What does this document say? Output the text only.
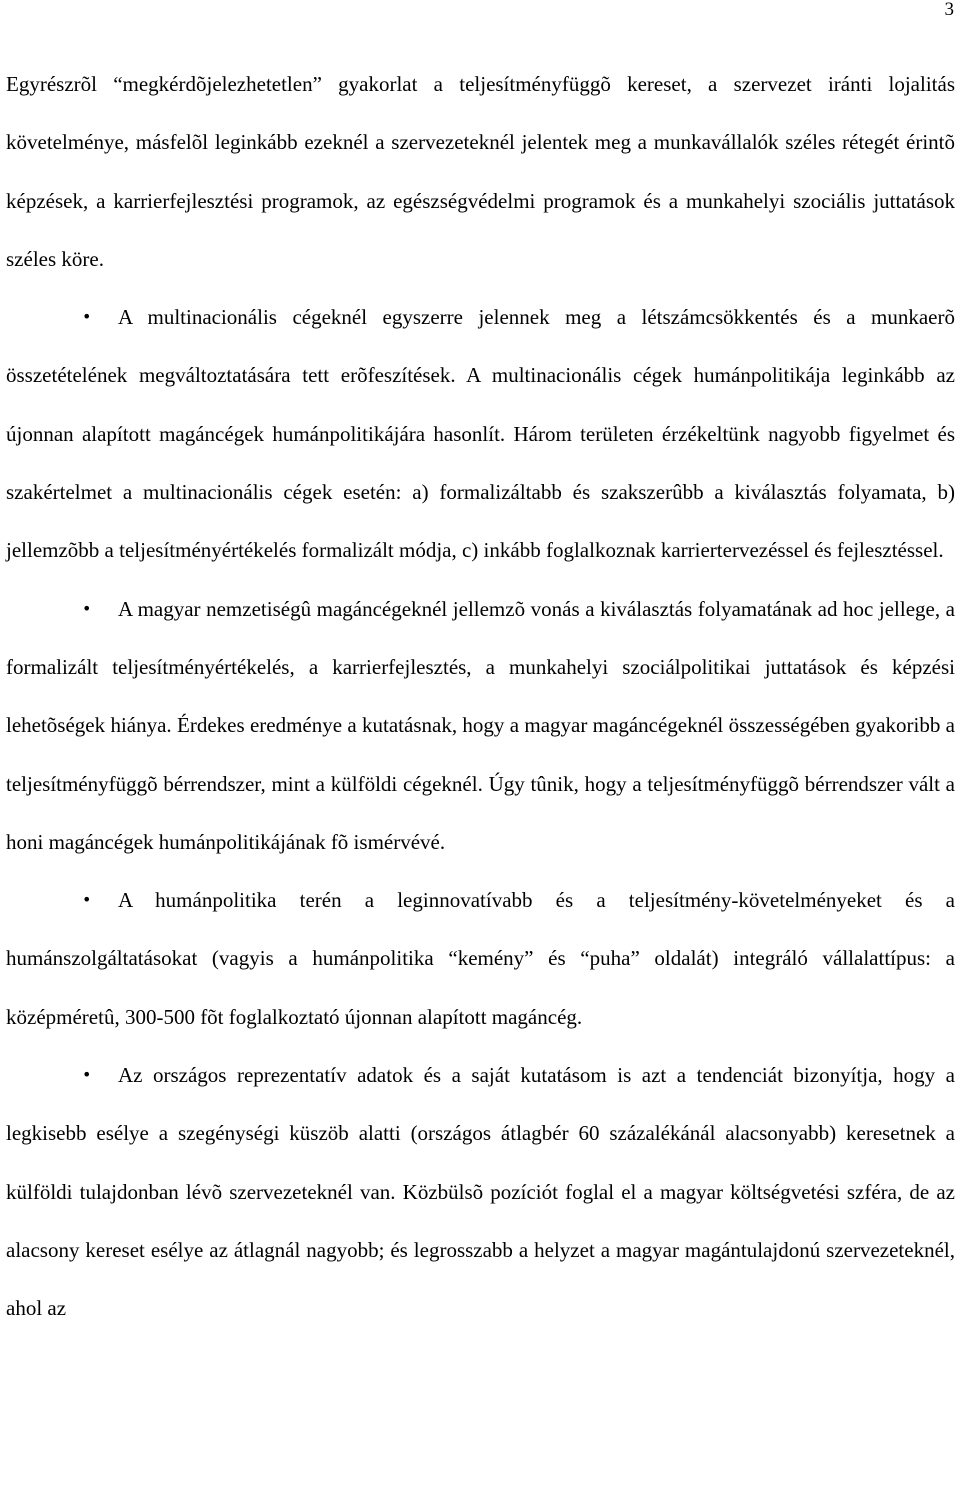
3

Egyrészrõl “megkérdõjelezhetetlen” gyakorlat a teljesítményfüggõ kereset, a szervezet iránti lojalitás követelménye, másfelõl leginkább ezeknél a szervezeteknél jelentek meg a munkavállalók széles rétegét érintõ képzések, a karrierfejlesztési programok, az egészségvédelmi programok és a munkahelyi szociális juttatások széles köre.

• A multinacionális cégeknél egyszerre jelennek meg a létszámcsökkentés és a munkaerõ összetételének megváltoztatására tett erõfeszítések. A multinacionális cégek humánpolitikája leginkább az újonnan alapított magáncégek humánpolitikájára hasonlít. Három területen érzékeltünk nagyobb figyelmet és szakértelmet a multinacionális cégek esetén: a) formalizáltabb és szakszerûbb a kiválasztás folyamata, b) jellemzõbb a teljesítményértékelés formalizált módja, c) inkább foglalkoznak karriertervezéssel és fejlesztéssel.

• A magyar nemzetiségû magáncégeknél jellemzõ vonás a kiválasztás folyamatának ad hoc jellege, a formalizált teljesítményértékelés, a karrierfejlesztés, a munkahelyi szociálpolitikai juttatások és képzési lehetõségek hiánya. Érdekes eredménye a kutatásnak, hogy a magyar magáncégeknél összességében gyakoribb a teljesítményfüggõ bérrendszer, mint a külföldi cégeknél. Úgy tûnik, hogy a teljesítményfüggõ bérrendszer vált a honi magáncégek humánpolitikájának fõ ismérvévé.

• A humánpolitika terén a leginnovatívabb és a teljesítmény-követelményeket és a humánszolgáltatásokat (vagyis a humánpolitika “kemény” és “puha” oldalát) integráló vállalattípus: a középméretû, 300-500 fõt foglalkoztató újonnan alapított magáncég.

• Az országos reprezentatív adatok és a saját kutatásom is azt a tendenciát bizonyítja, hogy a legkisebb esélye a szegénységi küszöb alatti (országos átlagbér 60 százalékánál alacsonyabb) keresetnek a külföldi tulajdonban lévõ szervezeteknél van. Közbülsõ pozíciót foglal el a magyar költségvetési szféra, de az alacsony kereset esélye az átlagnál nagyobb; és legrosszabb a helyzet a magyar magántulajdonú szervezeteknél, ahol az
